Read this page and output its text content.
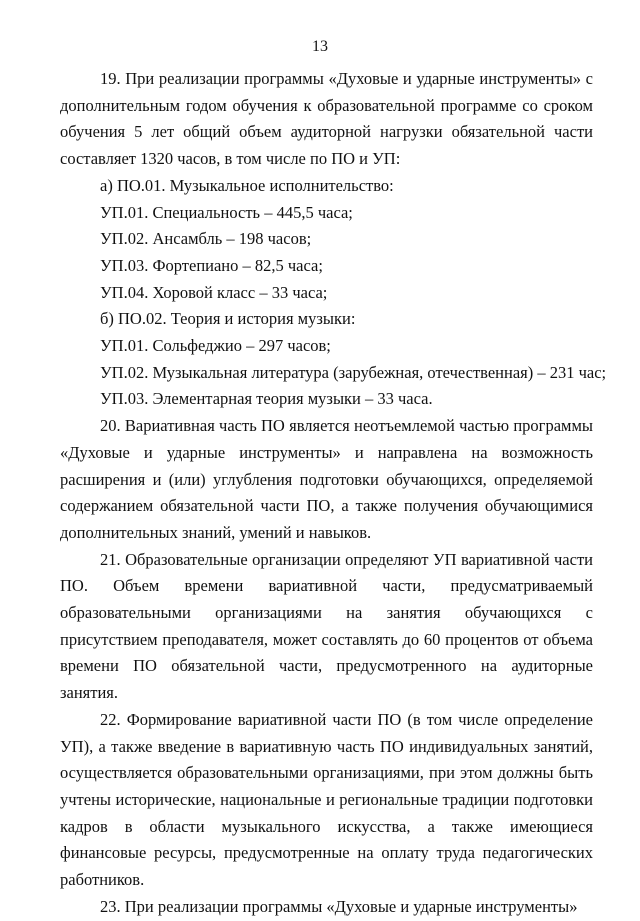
13

19. При реализации программы «Духовые и ударные инструменты» с дополнительным годом обучения к образовательной программе со сроком обучения 5 лет общий объем аудиторной нагрузки обязательной части составляет 1320 часов, в том числе по ПО и УП:

а) ПО.01. Музыкальное исполнительство:

УП.01. Специальность – 445,5 часа;

УП.02. Ансамбль – 198 часов;

УП.03. Фортепиано – 82,5 часа;

УП.04. Хоровой класс – 33 часа;

б) ПО.02. Теория и история музыки:

УП.01. Сольфеджио – 297 часов;

УП.02. Музыкальная литература (зарубежная, отечественная) – 231 час;

УП.03. Элементарная теория музыки – 33 часа.

20. Вариативная часть ПО является неотъемлемой частью программы «Духовые и ударные инструменты» и направлена на возможность расширения и (или) углубления подготовки обучающихся, определяемой содержанием обязательной части ПО, а также получения обучающимися дополнительных знаний, умений и навыков.

21. Образовательные организации определяют УП вариативной части ПО. Объем времени вариативной части, предусматриваемый образовательными организациями на занятия обучающихся с присутствием преподавателя, может составлять до 60 процентов от объема времени ПО обязательной части, предусмотренного на аудиторные занятия.

22. Формирование вариативной части ПО (в том числе определение УП), а также введение в вариативную часть ПО индивидуальных занятий, осуществляется образовательными организациями, при этом должны быть учтены исторические, национальные и региональные традиции подготовки кадров в области музыкального искусства, а также имеющиеся финансовые ресурсы, предусмотренные на оплату труда педагогических работников.

23. При реализации программы «Духовые и ударные инструменты»
